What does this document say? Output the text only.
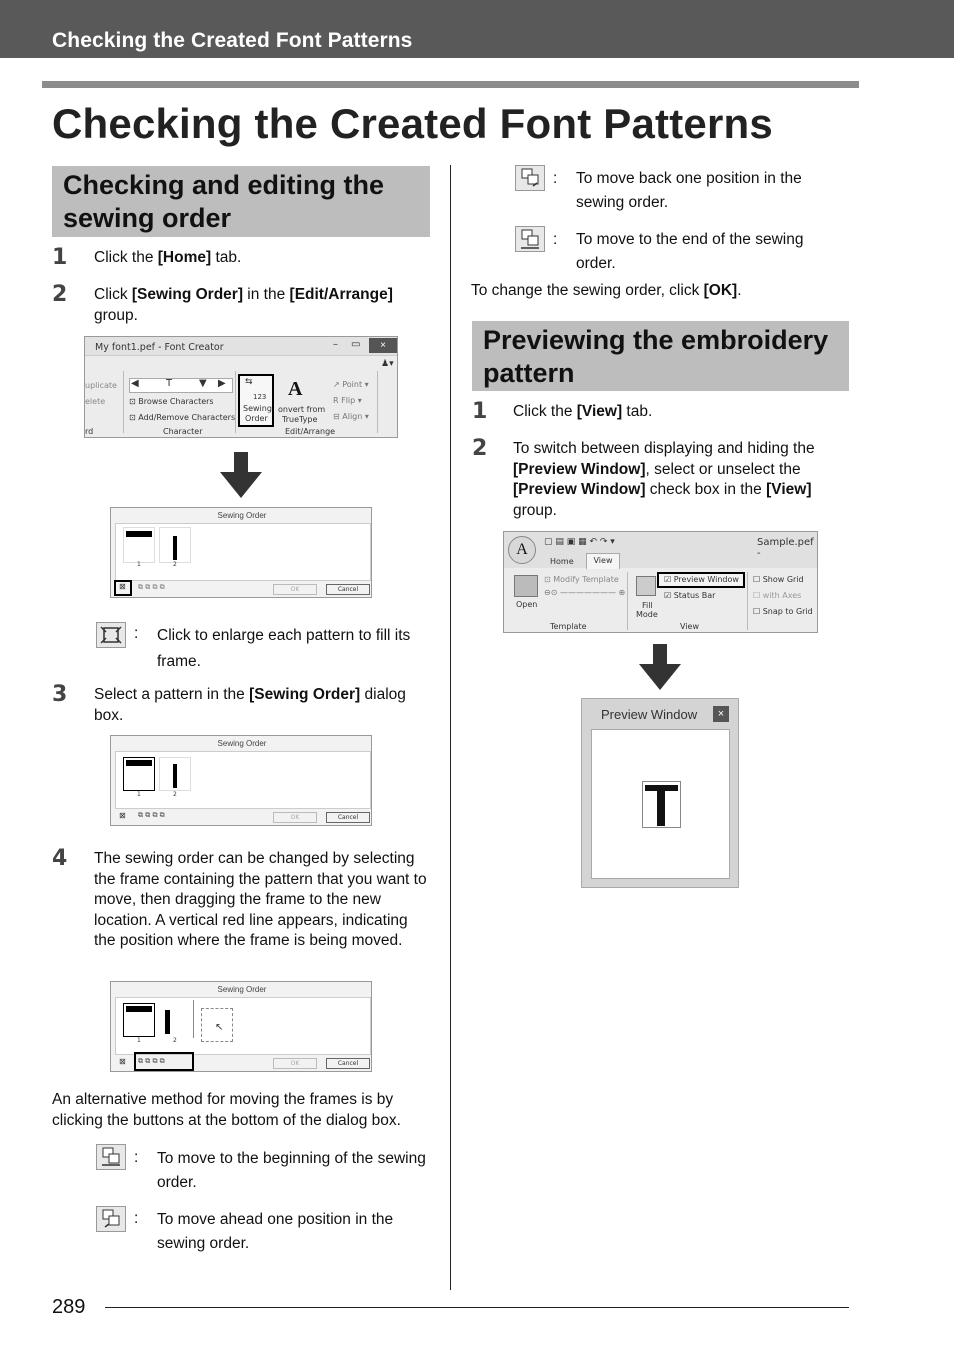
Checking the Created Font Patterns
Checking the Created Font Patterns
Checking and editing the sewing order
1 Click the [Home] tab.
2 Click [Sewing Order] in the [Edit/Arrange] group.
My font1.pef - Font Creator	– ▭	×
♟▾
uplicate
elete
rd
◀	T	▼ ▶
⊡ Browse Characters
⊡ Add/Remove Characters
Character
⇆
123
Sewing
Order
A
onvert from
TrueType
↗ Point ▾
R Flip ▾
⊟ Align ▾
Edit/Arrange
Sewing Order
1	2
⊠ ⧉ ⧉ ⧉ ⧉	OK	Cancel
: Click to enlarge each pattern to fill its frame.
3 Select a pattern in the [Sewing Order] dialog box.
Sewing Order
1	2
⊠ ⧉ ⧉ ⧉ ⧉	OK	Cancel
4 The sewing order can be changed by selecting the frame containing the pattern that you want to move, then dragging the frame to the new location. A vertical red line appears, indicating the position where the frame is being moved.
Sewing Order
↖
1	2
⊠ ⧉ ⧉ ⧉ ⧉	OK	Cancel
An alternative method for moving the frames is by clicking the buttons at the bottom of the dialog box.
: To move to the beginning of the sewing order.
: To move ahead one position in the sewing order.
: To move back one position in the sewing order.
: To move to the end of the sewing order.
To change the sewing order, click [OK].
Previewing the embroidery pattern
1 Click the [View] tab.
2 To switch between displaying and hiding the [Preview Window], select or unselect the [Preview Window] check box in the [View] group.
A	▢ ▤ ▣ ▦ ↶ ↷ ▾	Sample.pef -
Home	View
Open
⊡ Modify Template
⊖⊙ ——————— ⊕
Template
Fill
Mode
☑ Preview Window
☑ Status Bar
View
☐ Show Grid
☐ with Axes
☐ Snap to Grid
Preview Window	×
289
